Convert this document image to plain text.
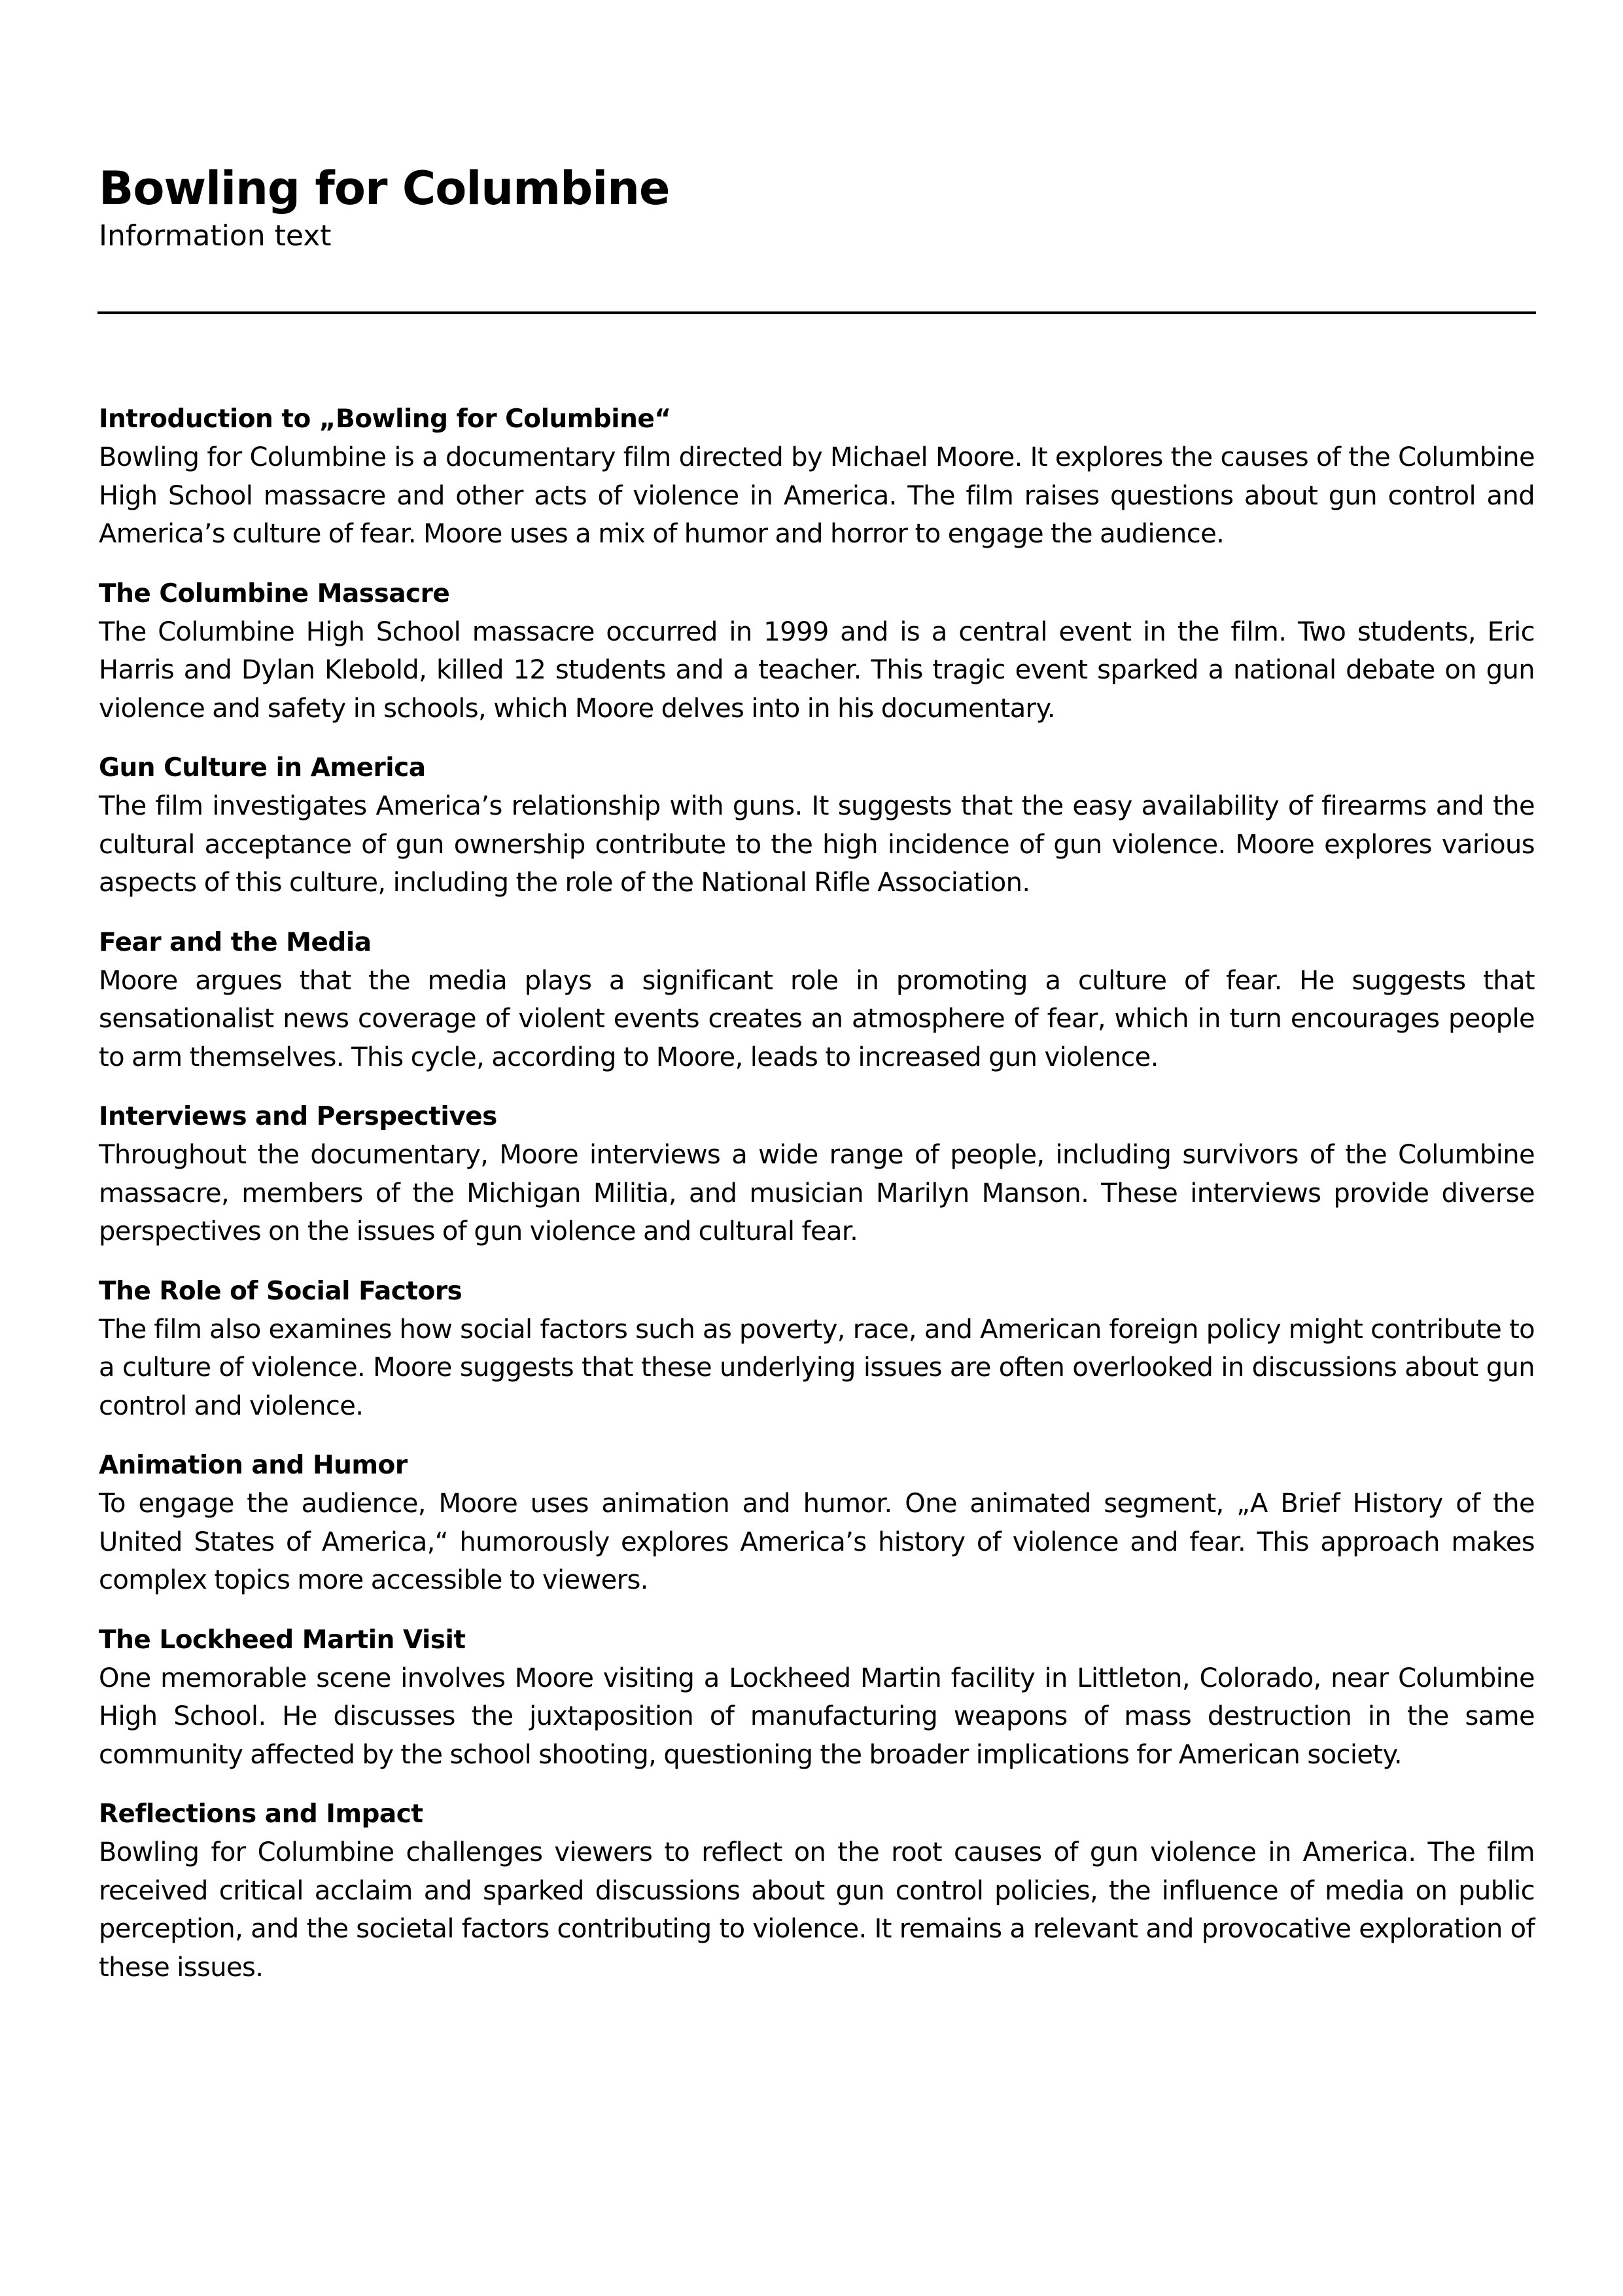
Bowling for Columbine

Information text

Introduction to „Bowling for Columbine“

Bowling for Columbine is a documentary film directed by Michael Moore. It explores the causes of the Columbine High School massacre and other acts of violence in America. The film raises questions about gun control and America’s culture of fear. Moore uses a mix of humor and horror to engage the audience.

The Columbine Massacre

The Columbine High School massacre occurred in 1999 and is a central event in the film. Two students, Eric Harris and Dylan Klebold, killed 12 students and a teacher. This tragic event sparked a national debate on gun violence and safety in schools, which Moore delves into in his documentary.

Gun Culture in America

The film investigates America’s relationship with guns. It suggests that the easy availability of firearms and the cultural acceptance of gun ownership contribute to the high incidence of gun violence. Moore explores various aspects of this culture, including the role of the National Rifle Association.

Fear and the Media

Moore argues that the media plays a significant role in promoting a culture of fear. He suggests that sensationalist news coverage of violent events creates an atmosphere of fear, which in turn encourages people to arm themselves. This cycle, according to Moore, leads to increased gun violence.

Interviews and Perspectives

Throughout the documentary, Moore interviews a wide range of people, including survivors of the Columbine massacre, members of the Michigan Militia, and musician Marilyn Manson. These interviews provide diverse perspectives on the issues of gun violence and cultural fear.

The Role of Social Factors

The film also examines how social factors such as poverty, race, and American foreign policy might contribute to a culture of violence. Moore suggests that these underlying issues are often overlooked in discussions about gun control and violence.

Animation and Humor

To engage the audience, Moore uses animation and humor. One animated segment, „A Brief History of the United States of America,“ humorously explores America’s history of violence and fear. This approach makes complex topics more accessible to viewers.

The Lockheed Martin Visit

One memorable scene involves Moore visiting a Lockheed Martin facility in Littleton, Colorado, near Columbine High School. He discusses the juxtaposition of manufacturing weapons of mass destruction in the same community affected by the school shooting, questioning the broader implications for American society.

Reflections and Impact

Bowling for Columbine challenges viewers to reflect on the root causes of gun violence in America. The film received critical acclaim and sparked discussions about gun control policies, the influence of media on public perception, and the societal factors contributing to violence. It remains a relevant and provocative exploration of these issues.
